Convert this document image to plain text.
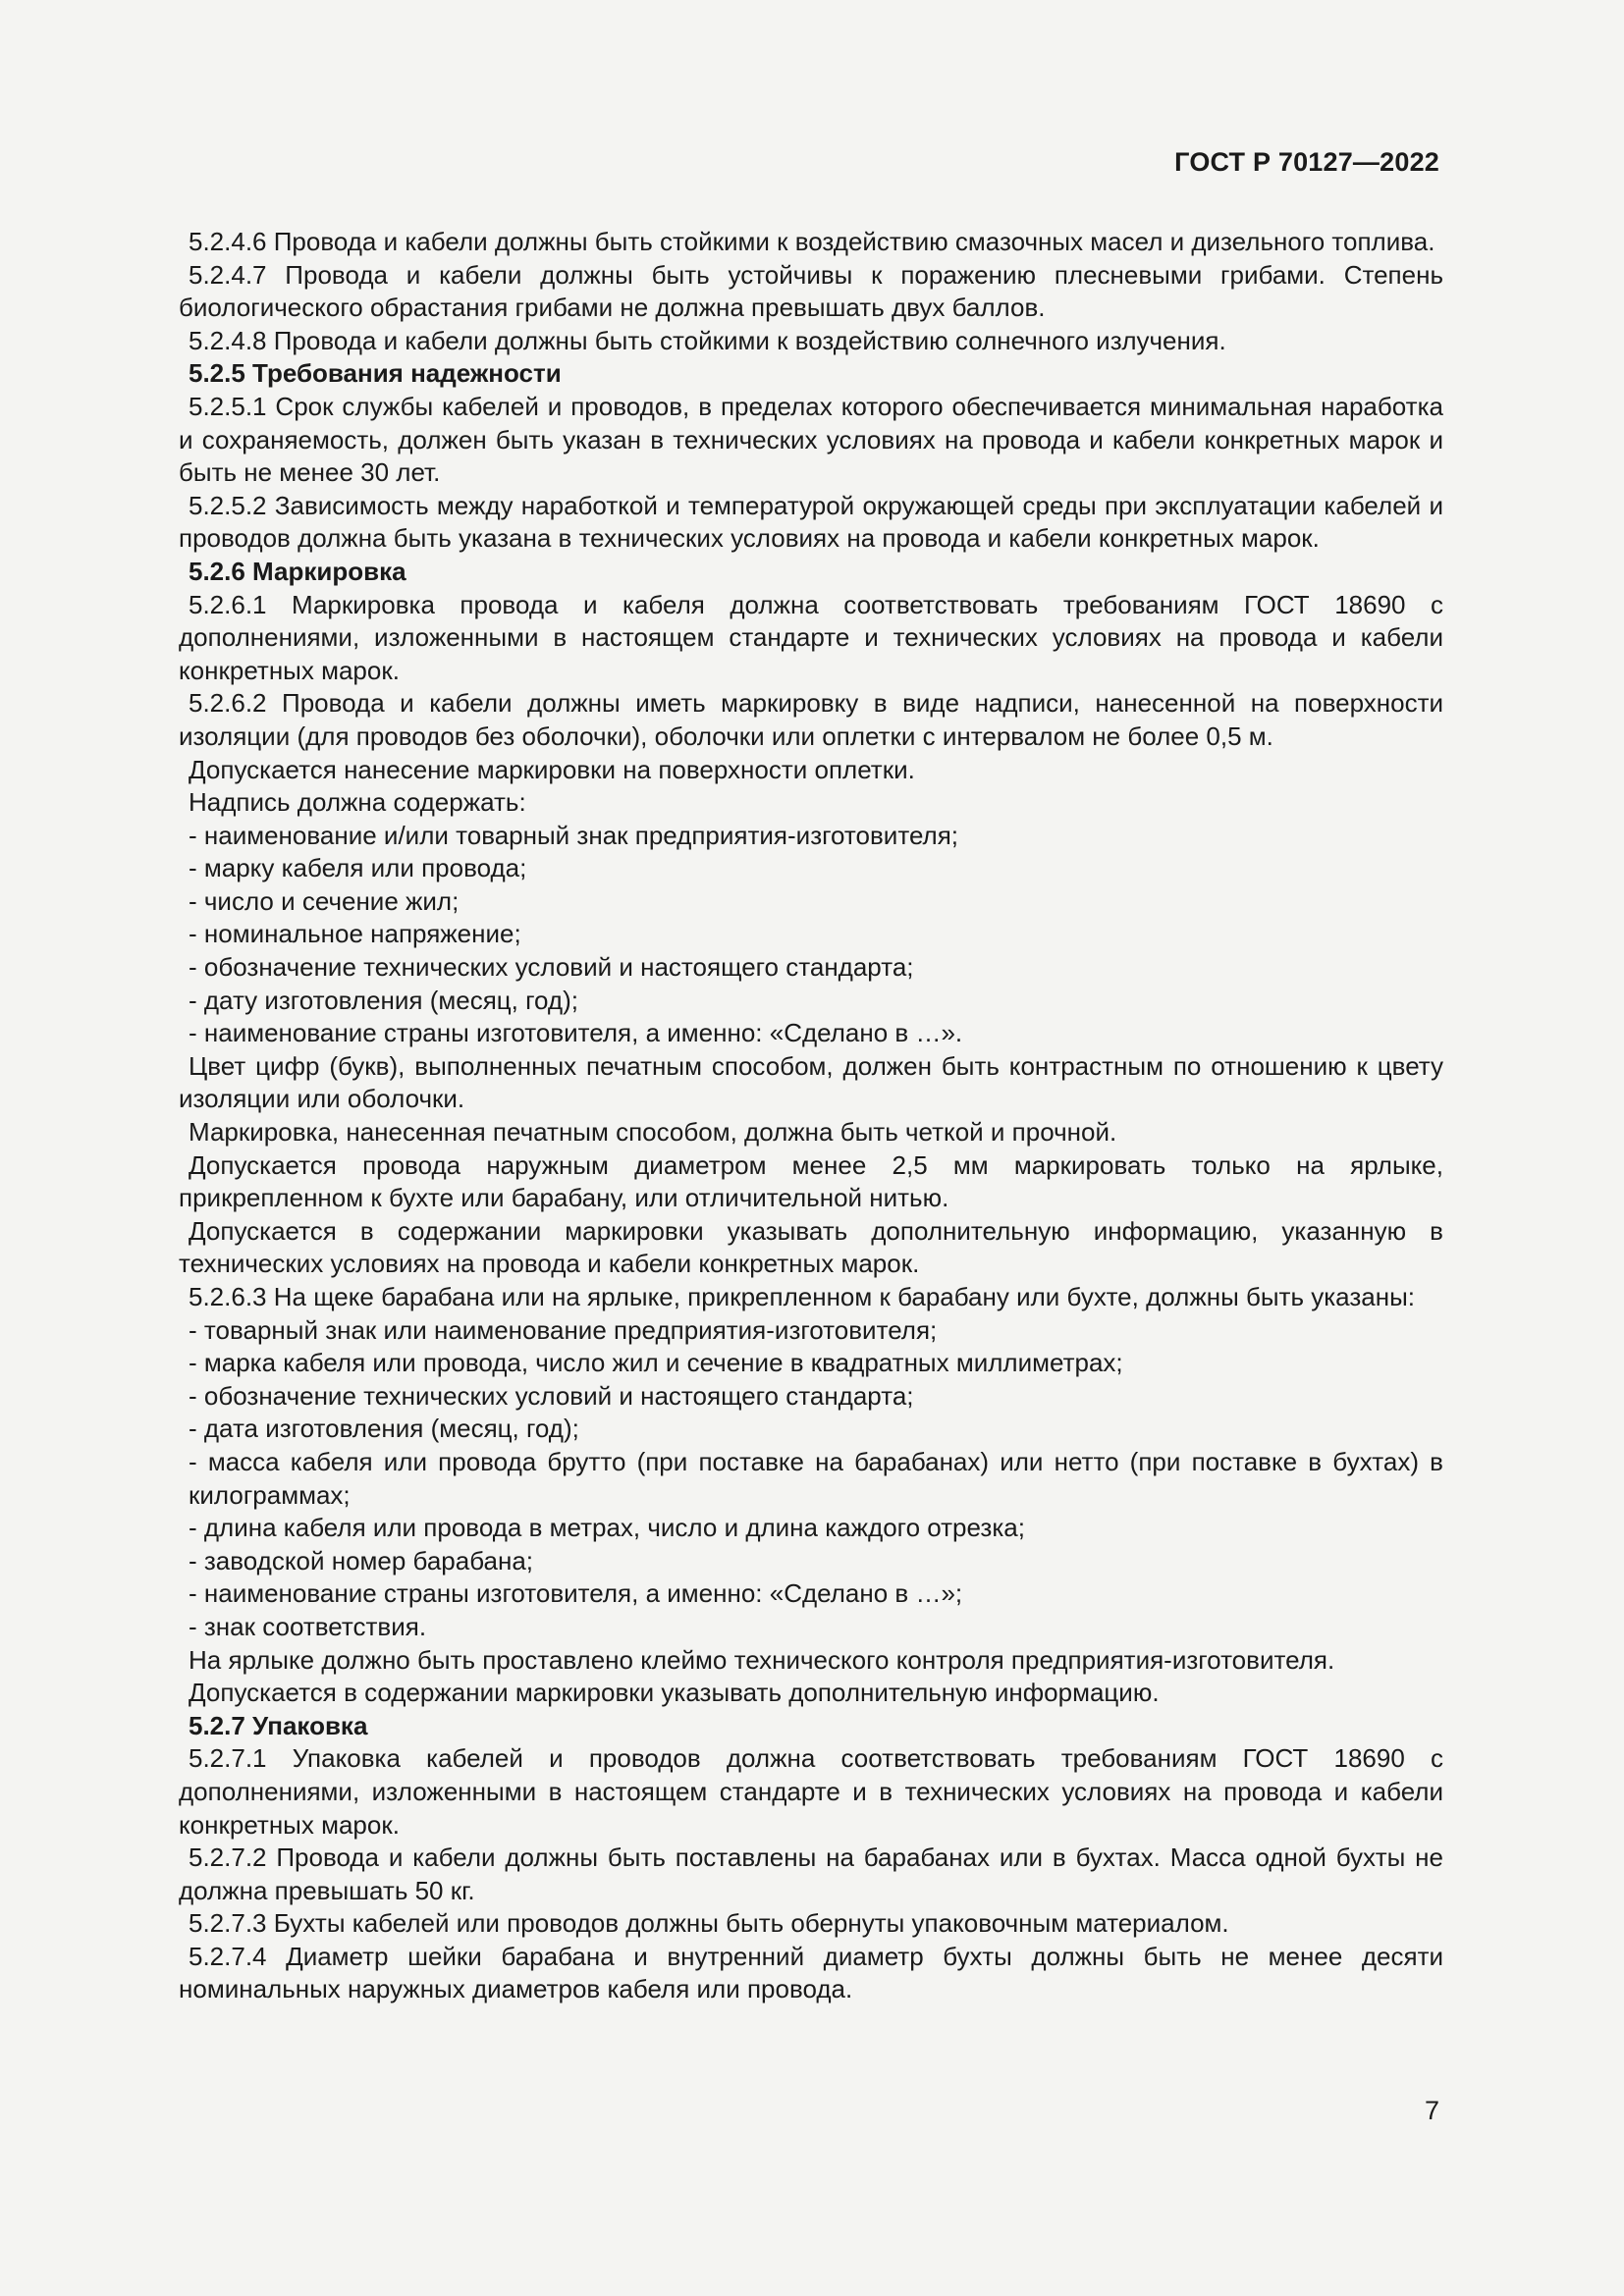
ГОСТ Р 70127—2022

5.2.4.6 Провода и кабели должны быть стойкими к воздействию смазочных масел и дизельного топлива.

5.2.4.7 Провода и кабели должны быть устойчивы к поражению плесневыми грибами. Степень биологического обрастания грибами не должна превышать двух баллов.

5.2.4.8 Провода и кабели должны быть стойкими к воздействию солнечного излучения.

5.2.5 Требования надежности

5.2.5.1 Срок службы кабелей и проводов, в пределах которого обеспечивается минимальная наработка и сохраняемость, должен быть указан в технических условиях на провода и кабели конкретных марок и быть не менее 30 лет.

5.2.5.2 Зависимость между наработкой и температурой окружающей среды при эксплуатации кабелей и проводов должна быть указана в технических условиях на провода и кабели конкретных марок.

5.2.6 Маркировка

5.2.6.1 Маркировка провода и кабеля должна соответствовать требованиям ГОСТ 18690 с дополнениями, изложенными в настоящем стандарте и технических условиях на провода и кабели конкретных марок.

5.2.6.2 Провода и кабели должны иметь маркировку в виде надписи, нанесенной на поверхности изоляции (для проводов без оболочки), оболочки или оплетки с интервалом не более 0,5 м.

Допускается нанесение маркировки на поверхности оплетки.

Надпись должна содержать:

- наименование и/или товарный знак предприятия-изготовителя;

- марку кабеля или провода;

- число и сечение жил;

- номинальное напряжение;

- обозначение технических условий и настоящего стандарта;

- дату изготовления (месяц, год);

- наименование страны изготовителя, а именно: «Сделано в …».

Цвет цифр (букв), выполненных печатным способом, должен быть контрастным по отношению к цвету изоляции или оболочки.

Маркировка, нанесенная печатным способом, должна быть четкой и прочной.

Допускается провода наружным диаметром менее 2,5 мм маркировать только на ярлыке, прикрепленном к бухте или барабану, или отличительной нитью.

Допускается в содержании маркировки указывать дополнительную информацию, указанную в технических условиях на провода и кабели конкретных марок.

5.2.6.3 На щеке барабана или на ярлыке, прикрепленном к барабану или бухте, должны быть указаны:

- товарный знак или наименование предприятия-изготовителя;

- марка кабеля или провода, число жил и сечение в квадратных миллиметрах;

- обозначение технических условий и настоящего стандарта;

- дата изготовления (месяц, год);

- масса кабеля или провода брутто (при поставке на барабанах) или нетто (при поставке в бухтах) в килограммах;

- длина кабеля или провода в метрах, число и длина каждого отрезка;

- заводской номер барабана;

- наименование страны изготовителя, а именно: «Сделано в …»;

- знак соответствия.

На ярлыке должно быть проставлено клеймо технического контроля предприятия-изготовителя.

Допускается в содержании маркировки указывать дополнительную информацию.

5.2.7 Упаковка

5.2.7.1 Упаковка кабелей и проводов должна соответствовать требованиям ГОСТ 18690 с дополнениями, изложенными в настоящем стандарте и в технических условиях на провода и кабели конкретных марок.

5.2.7.2 Провода и кабели должны быть поставлены на барабанах или в бухтах. Масса одной бухты не должна превышать 50 кг.

5.2.7.3 Бухты кабелей или проводов должны быть обернуты упаковочным материалом.

5.2.7.4 Диаметр шейки барабана и внутренний диаметр бухты должны быть не менее десяти номинальных наружных диаметров кабеля или провода.

7
